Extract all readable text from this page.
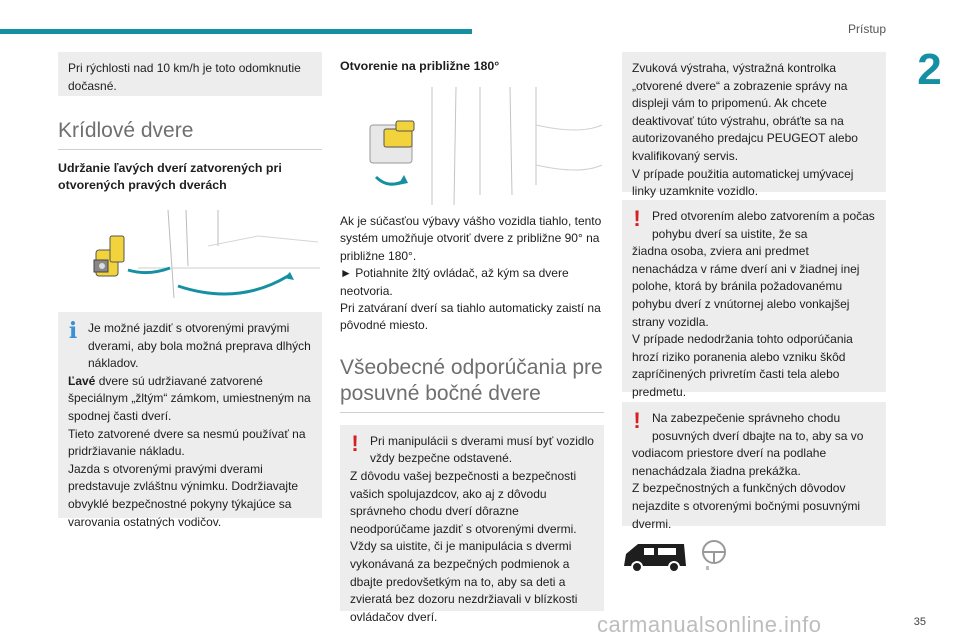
Prístup
2
Pri rýchlosti nad 10 km/h je toto odomknutie dočasné.
Krídlové dvere
Udržanie ľavých dverí zatvorených pri otvorených pravých dverách
i Je možné jazdiť s otvorenými pravými dverami, aby bola možná preprava dlhých nákladov.
Ľavé dvere sú udržiavané zatvorené špeciálnym „žltým“ zámkom, umiestneným na spodnej časti dverí.
Tieto zatvorené dvere sa nesmú používať na pridržiavanie nákladu.
Jazda s otvorenými pravými dverami predstavuje zvláštnu výnimku. Dodržiavajte obvyklé bezpečnostné pokyny týkajúce sa varovania ostatných vodičov.
Otvorenie na približne 180°
Ak je súčasťou výbavy vášho vozidla tiahlo, tento systém umožňuje otvoriť dvere z približne 90° na približne 180°.
► Potiahnite žltý ovládač, až kým sa dvere neotvoria.
Pri zatváraní dverí sa tiahlo automaticky zaistí na pôvodné miesto.
Všeobecné odporúčania pre posuvné bočné dvere
! Pri manipulácii s dverami musí byť vozidlo vždy bezpečne odstavené.
Z dôvodu vašej bezpečnosti a bezpečnosti vašich spolujazdcov, ako aj z dôvodu správneho chodu dverí dôrazne neodporúčame jazdiť s otvorenými dvermi.
Vždy sa uistite, či je manipulácia s dvermi vykonávaná za bezpečných podmienok a dbajte predovšetkým na to, aby sa deti a zvieratá bez dozoru nezdržiavali v blízkosti ovládačov dverí.
Zvuková výstraha, výstražná kontrolka „otvorené dvere“ a zobrazenie správy na displeji vám to pripomenú. Ak chcete deaktivovať túto výstrahu, obráťte sa na autorizovaného predajcu PEUGEOT alebo kvalifikovaný servis.
V prípade použitia automatickej umývacej linky uzamknite vozidlo.
! Pred otvorením alebo zatvorením a počas pohybu dverí sa uistite, že sa
žiadna osoba, zviera ani predmet nenachádza v ráme dverí ani v žiadnej inej polohe, ktorá by bránila požadovanému pohybu dverí z vnútornej alebo vonkajšej strany vozidla.
V prípade nedodržania tohto odporúčania hrozí riziko poranenia alebo vzniku škôd zapríčinených privretím časti tela alebo predmetu.
! Na zabezpečenie správneho chodu posuvných dverí dbajte na to, aby sa vo
vodiacom priestore dverí na podlahe nenachádzala žiadna prekážka.
Z bezpečnostných a funkčných dôvodov nejazdite s otvorenými bočnými posuvnými dvermi.
carmanualsonline.info	35
